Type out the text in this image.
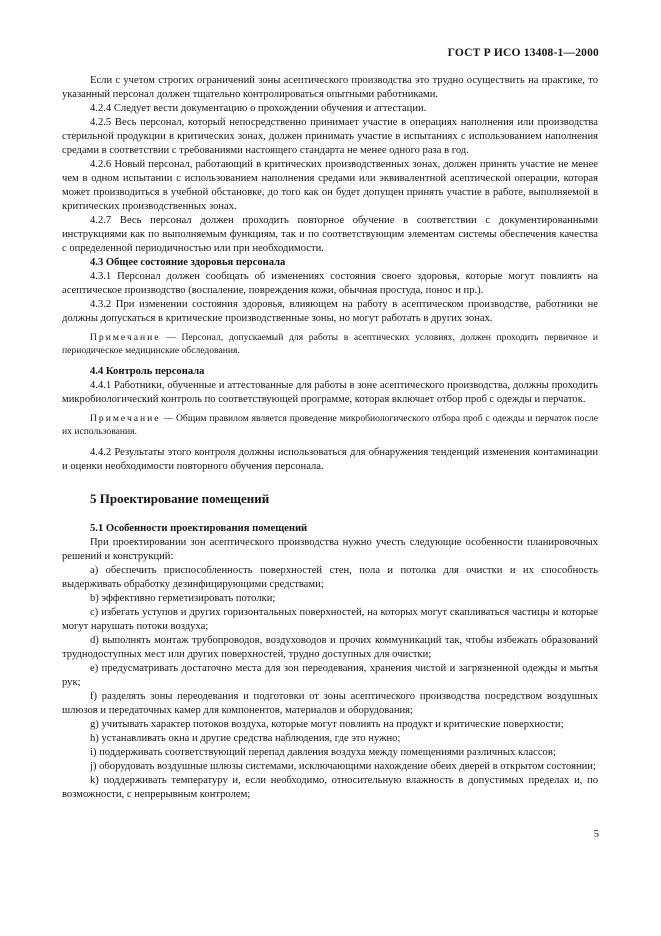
ГОСТ Р ИСО 13408-1—2000

Если с учетом строгих ограничений зоны асептического производства это трудно осуществить на практике, то указанный персонал должен тщательно контролироваться опытными работниками.

4.2.4 Следует вести документацию о прохождении обучения и аттестации.

4.2.5 Весь персонал, который непосредственно принимает участие в операциях наполнения или производства стерильной продукции в критических зонах, должен принимать участие в испытаниях с использованием наполнения средами в соответствии с требованиями настоящего стандарта не менее одного раза в год.

4.2.6 Новый персонал, работающий в критических производственных зонах, должен принять участие не менее чем в одном испытании с использованием наполнения средами или эквивалентной асептической операции, которая может производиться в учебной обстановке, до того как он будет допущен принять участие в работе, выполняемой в критических производственных зонах.

4.2.7 Весь персонал должен проходить повторное обучение в соответствии с документированными инструкциями как по выполняемым функциям, так и по соответствующим элементам системы обеспечения качества с определенной периодичностью или при необходимости.

4.3 Общее состояние здоровья персонала

4.3.1 Персонал должен сообщать об изменениях состояния своего здоровья, которые могут повлиять на асептическое производство (воспаление, повреждения кожи, обычная простуда, понос и пр.).

4.3.2 При изменении состояния здоровья, влияющем на работу в асептическом производстве, работники не должны допускаться в критические производственные зоны, но могут работать в других зонах.

Примечание — Персонал, допускаемый для работы в асептических условиях, должен проходить первичное и периодическое медицинские обследования.

4.4 Контроль персонала

4.4.1 Работники, обученные и аттестованные для работы в зоне асептического производства, должны проходить микробиологический контроль по соответствующей программе, которая включает отбор проб с одежды и перчаток.

Примечание — Общим правилом является проведение микробиологического отбора проб с одежды и перчаток после их использования.

4.4.2 Результаты этого контроля должны использоваться для обнаружения тенденций изменения контаминации и оценки необходимости повторного обучения персонала.

5 Проектирование помещений
5.1 Особенности проектирования помещений

При проектировании зон асептического производства нужно учесть следующие особенности планировочных решений и конструкций:

a) обеспечить приспособленность поверхностей стен, пола и потолка для очистки и их способность выдерживать обработку дезинфицирующими средствами;

b) эффективно герметизировать потолки;

c) избегать уступов и других горизонтальных поверхностей, на которых могут скапливаться частицы и которые могут нарушать потоки воздуха;

d) выполнять монтаж трубопроводов, воздуховодов и прочих коммуникаций так, чтобы избежать образований труднодоступных мест или других поверхностей, трудно доступных для очистки;

e) предусматривать достаточно места для зон переодевания, хранения чистой и загрязненной одежды и мытья рук;

f) разделять зоны переодевания и подготовки от зоны асептического производства посредством воздушных шлюзов и передаточных камер для компонентов, материалов и оборудования;

g) учитывать характер потоков воздуха, которые могут повлиять на продукт и критические поверхности;

h) устанавливать окна и другие средства наблюдения, где это нужно;

i) поддерживать соответствующий перепад давления воздуха между помещениями различных классов;

j) оборудовать воздушные шлюзы системами, исключающими нахождение обеих дверей в открытом состоянии;

k) поддерживать температуру и, если необходимо, относительную влажность в допустимых пределах и, по возможности, с непрерывным контролем;

5
